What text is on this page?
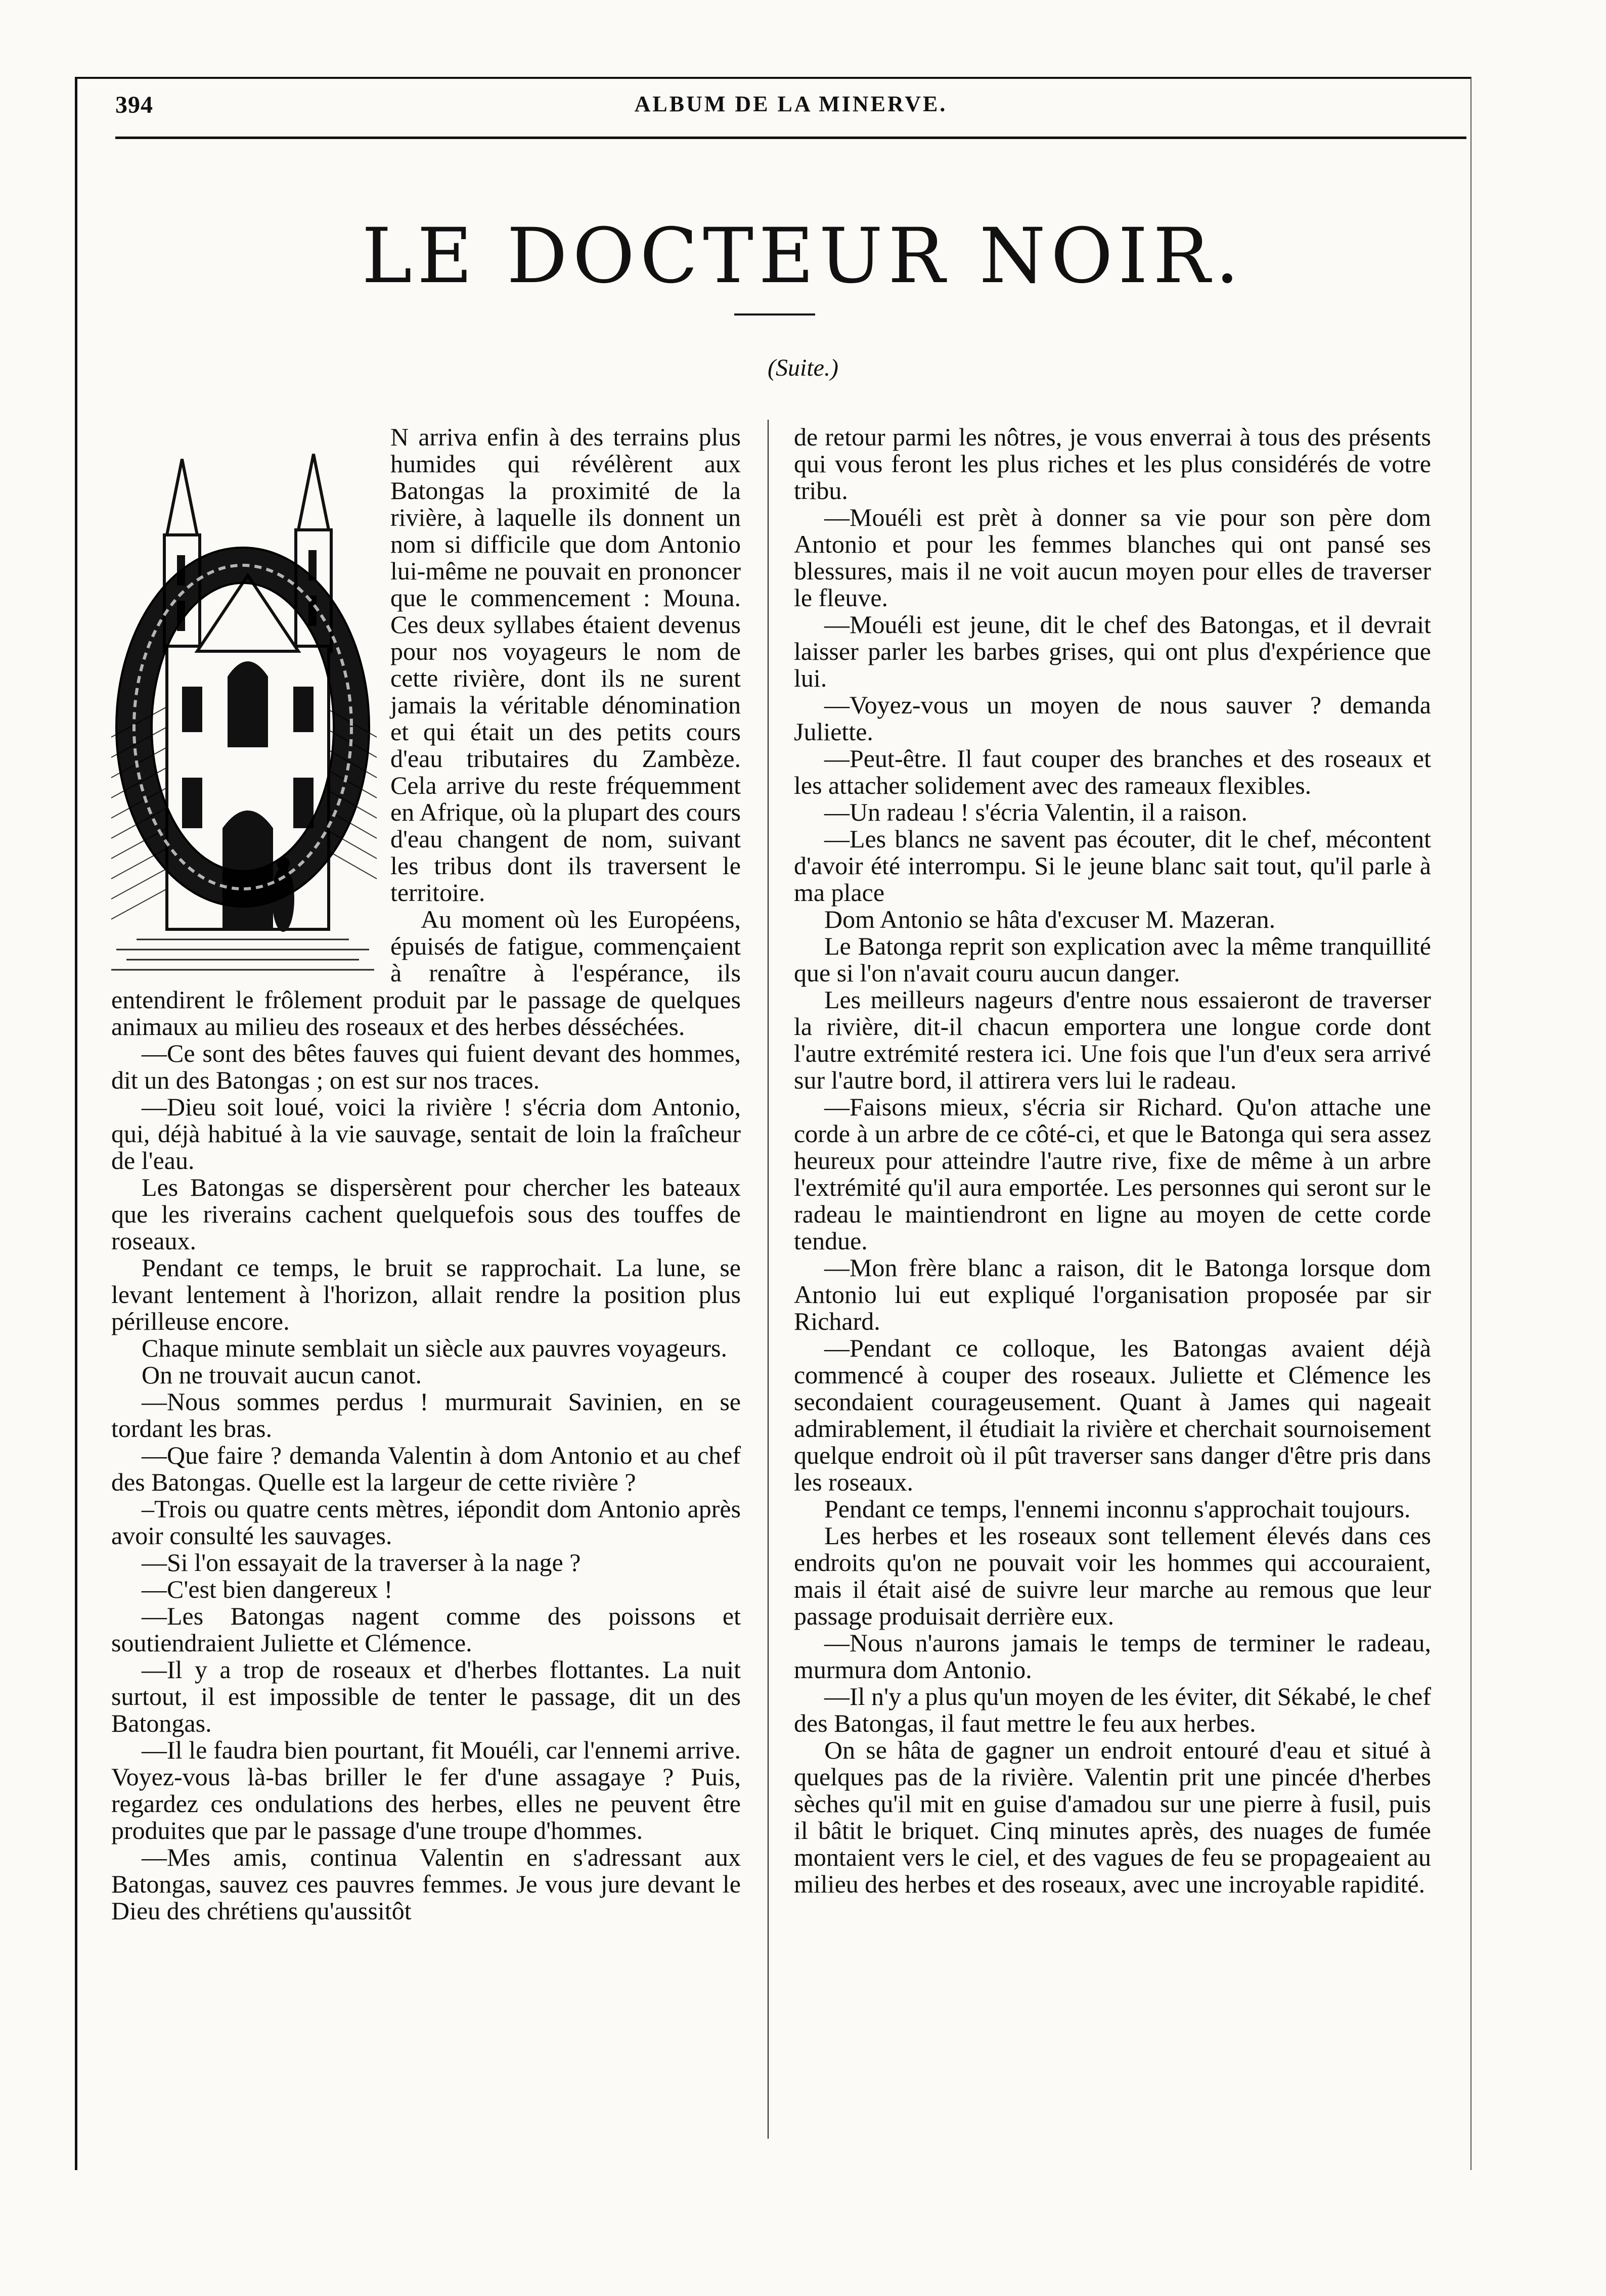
394	ALBUM DE LA MINERVE.
LE DOCTEUR NOIR.
(Suite.)

N arriva enfin à des terrains plus humides qui révélèrent aux Batongas la proximité de la rivière, à laquelle ils donnent un nom si difficile que dom Antonio lui-même ne pouvait en prononcer que le commencement : Mouna. Ces deux syllabes étaient devenus pour nos voyageurs le nom de cette rivière, dont ils ne surent jamais la véritable dénomination et qui était un des petits cours d'eau tributaires du Zambèze. Cela arrive du reste fréquemment en Afrique, où la plupart des cours d'eau changent de nom, suivant les tribus dont ils traversent le territoire.

Au moment où les Européens, épuisés de fatigue, commençaient à renaître à l'espérance, ils entendirent le frôlement produit par le passage de quelques animaux au milieu des roseaux et des herbes désséchées.

—Ce sont des bêtes fauves qui fuient devant des hommes, dit un des Batongas ; on est sur nos traces.

—Dieu soit loué, voici la rivière ! s'écria dom Antonio, qui, déjà habitué à la vie sauvage, sentait de loin la fraîcheur de l'eau.

Les Batongas se dispersèrent pour chercher les bateaux que les riverains cachent quelquefois sous des touffes de roseaux.

Pendant ce temps, le bruit se rapprochait. La lune, se levant lentement à l'horizon, allait rendre la position plus périlleuse encore.

Chaque minute semblait un siècle aux pauvres voyageurs.

On ne trouvait aucun canot.

—Nous sommes perdus ! murmurait Savinien, en se tordant les bras.

—Que faire ? demanda Valentin à dom Antonio et au chef des Batongas. Quelle est la largeur de cette rivière ?

–Trois ou quatre cents mètres, iépondit dom Antonio après avoir consulté les sauvages.

—Si l'on essayait de la traverser à la nage ?

—C'est bien dangereux !

—Les Batongas nagent comme des poissons et soutiendraient Juliette et Clémence.

—Il y a trop de roseaux et d'herbes flottantes. La nuit surtout, il est impossible de tenter le passage, dit un des Batongas.

—Il le faudra bien pourtant, fit Mouéli, car l'ennemi arrive. Voyez-vous là-bas briller le fer d'une assagaye ? Puis, regardez ces ondulations des herbes, elles ne peuvent être produites que par le passage d'une troupe d'hommes.

—Mes amis, continua Valentin en s'adressant aux Batongas, sauvez ces pauvres femmes. Je vous jure devant le Dieu des chrétiens qu'aussitôt

de retour parmi les nôtres, je vous enverrai à tous des présents qui vous feront les plus riches et les plus considérés de votre tribu.

—Mouéli est prèt à donner sa vie pour son père dom Antonio et pour les femmes blanches qui ont pansé ses blessures, mais il ne voit aucun moyen pour elles de traverser le fleuve.

—Mouéli est jeune, dit le chef des Batongas, et il devrait laisser parler les barbes grises, qui ont plus d'expérience que lui.

—Voyez-vous un moyen de nous sauver ? demanda Juliette.

—Peut-être. Il faut couper des branches et des roseaux et les attacher solidement avec des rameaux flexibles.

—Un radeau ! s'écria Valentin, il a raison.

—Les blancs ne savent pas écouter, dit le chef, mécontent d'avoir été interrompu. Si le jeune blanc sait tout, qu'il parle à ma place

Dom Antonio se hâta d'excuser M. Mazeran.

Le Batonga reprit son explication avec la même tranquillité que si l'on n'avait couru aucun danger.

Les meilleurs nageurs d'entre nous essaieront de traverser la rivière, dit-il chacun emportera une longue corde dont l'autre extrémité restera ici. Une fois que l'un d'eux sera arrivé sur l'autre bord, il attirera vers lui le radeau.

—Faisons mieux, s'écria sir Richard. Qu'on attache une corde à un arbre de ce côté-ci, et que le Batonga qui sera assez heureux pour atteindre l'autre rive, fixe de même à un arbre l'extrémité qu'il aura emportée. Les personnes qui seront sur le radeau le maintiendront en ligne au moyen de cette corde tendue.

—Mon frère blanc a raison, dit le Batonga lorsque dom Antonio lui eut expliqué l'organisation proposée par sir Richard.

—Pendant ce colloque, les Batongas avaient déjà commencé à couper des roseaux. Juliette et Clémence les secondaient courageusement. Quant à James qui nageait admirablement, il étudiait la rivière et cherchait sournoisement quelque endroit où il pût traverser sans danger d'être pris dans les roseaux.

Pendant ce temps, l'ennemi inconnu s'approchait toujours.

Les herbes et les roseaux sont tellement élevés dans ces endroits qu'on ne pouvait voir les hommes qui accouraient, mais il était aisé de suivre leur marche au remous que leur passage produisait derrière eux.

—Nous n'aurons jamais le temps de terminer le radeau, murmura dom Antonio.

—Il n'y a plus qu'un moyen de les éviter, dit Sékabé, le chef des Batongas, il faut mettre le feu aux herbes.

On se hâta de gagner un endroit entouré d'eau et situé à quelques pas de la rivière. Valentin prit une pincée d'herbes sèches qu'il mit en guise d'amadou sur une pierre à fusil, puis il bâtit le briquet. Cinq minutes après, des nuages de fumée montaient vers le ciel, et des vagues de feu se propageaient au milieu des herbes et des roseaux, avec une incroyable rapidité.
